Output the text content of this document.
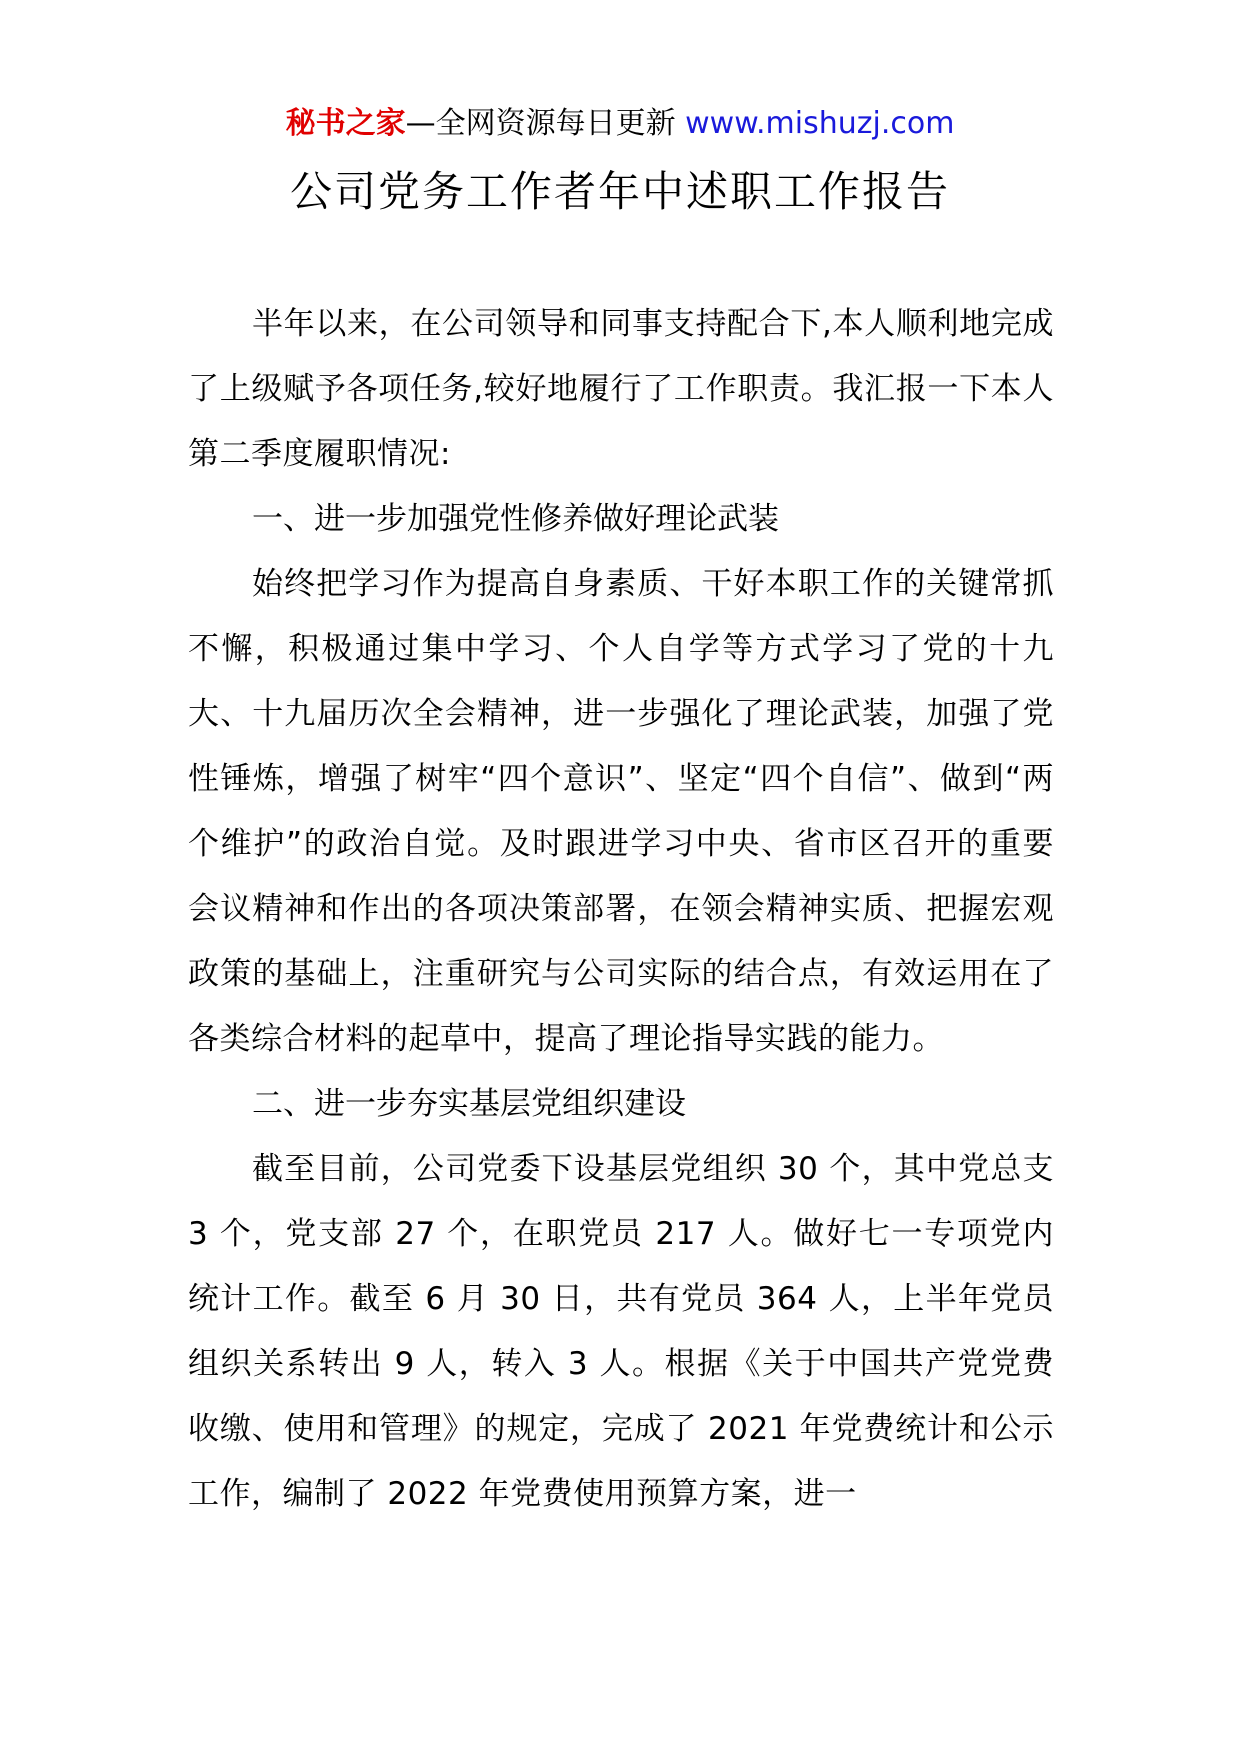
秘书之家—全网资源每日更新 www.mishuzj.com
公司党务工作者年中述职工作报告

半年以来，在公司领导和同事支持配合下,本人顺利地完成了上级赋予各项任务,较好地履行了工作职责。我汇报一下本人第二季度履职情况:

一、进一步加强党性修养做好理论武装

始终把学习作为提高自身素质、干好本职工作的关键常抓不懈，积极通过集中学习、个人自学等方式学习了党的十九大、十九届历次全会精神，进一步强化了理论武装，加强了党性锤炼，增强了树牢“四个意识”、坚定“四个自信”、做到“两个维护”的政治自觉。及时跟进学习中央、省市区召开的重要会议精神和作出的各项决策部署，在领会精神实质、把握宏观政策的基础上，注重研究与公司实际的结合点，有效运用在了各类综合材料的起草中，提高了理论指导实践的能力。

二、进一步夯实基层党组织建设

截至目前，公司党委下设基层党组织 30 个，其中党总支 3 个，党支部 27 个，在职党员 217 人。做好七一专项党内统计工作。截至 6 月 30 日，共有党员 364 人，上半年党员组织关系转出 9 人，转入 3 人。根据《关于中国共产党党费收缴、使用和管理》的规定，完成了 2021 年党费统计和公示工作，编制了 2022 年党费使用预算方案，进一
